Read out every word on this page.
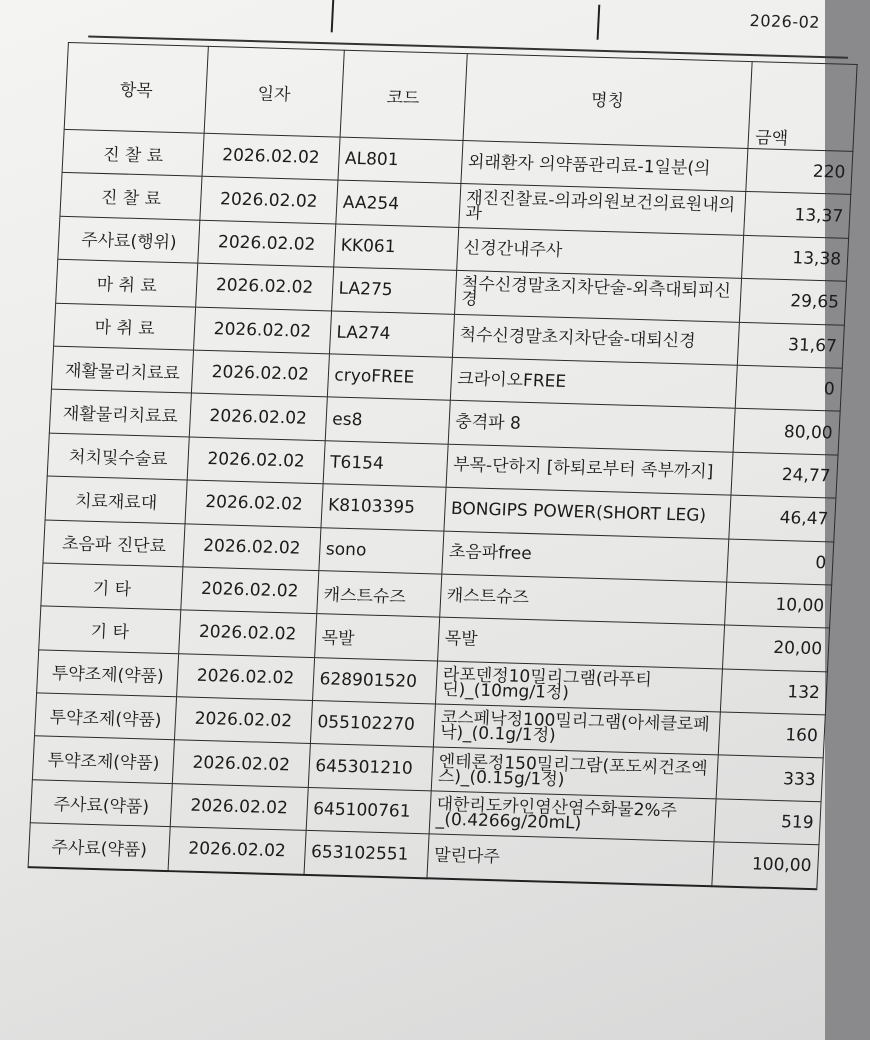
2026-02
항목	일자	코드	명칭	금액
진 찰 료	2026.02.02	AL801	외래환자 의약품관리료-1일분(의	220
진 찰 료	2026.02.02	AA254	재진진찰료-의과의원보건의료원내의과	13,37
주사료(행위)	2026.02.02	KK061	신경간내주사	13,38
마 취 료	2026.02.02	LA275	척수신경말초지차단술-외측대퇴피신경	29,65
마 취 료	2026.02.02	LA274	척수신경말초지차단술-대퇴신경	31,67
재활물리치료료	2026.02.02	cryoFREE	크라이오FREE	0
재활물리치료료	2026.02.02	es8	충격파 8	80,00
처치및수술료	2026.02.02	T6154	부목-단하지 [하퇴로부터 족부까지]	24,77
치료재료대	2026.02.02	K8103395	BONGIPS POWER(SHORT LEG)	46,47
초음파 진단료	2026.02.02	sono	초음파free	0
기 타	2026.02.02	캐스트슈즈	캐스트슈즈	10,00
기 타	2026.02.02	목발	목발	20,00
투약조제(약품)	2026.02.02	628901520	라포덴정10밀리그램(라푸티딘)_(10mg/1정)	132
투약조제(약품)	2026.02.02	055102270	코스페낙정100밀리그램(아세클로페낙)_(0.1g/1정)	160
투약조제(약품)	2026.02.02	645301210	엔테론정150밀리그람(포도씨건조엑스)_(0.15g/1정)	333
주사료(약품)	2026.02.02	645100761	대한리도카인염산염수화물2%주_(0.4266g/20mL)	519
주사료(약품)	2026.02.02	653102551	말린다주	100,00
